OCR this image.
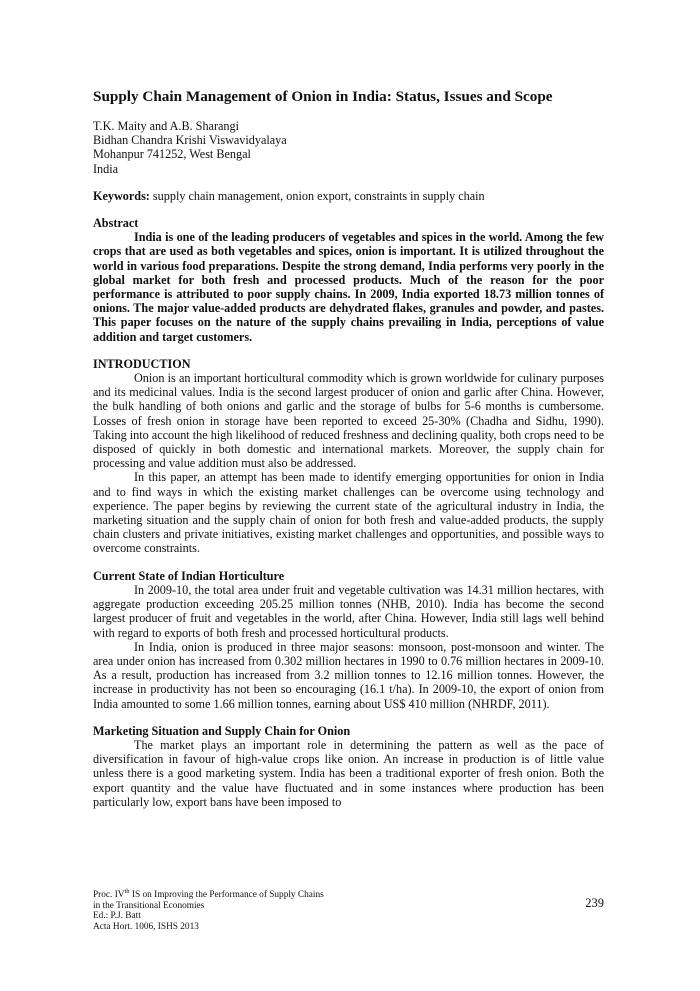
Supply Chain Management of Onion in India: Status, Issues and Scope
T.K. Maity and A.B. Sharangi
Bidhan Chandra Krishi Viswavidyalaya
Mohanpur 741252, West Bengal
India
Keywords: supply chain management, onion export, constraints in supply chain
Abstract

India is one of the leading producers of vegetables and spices in the world. Among the few crops that are used as both vegetables and spices, onion is important. It is utilized throughout the world in various food preparations. Despite the strong demand, India performs very poorly in the global market for both fresh and processed products. Much of the reason for the poor performance is attributed to poor supply chains. In 2009, India exported 18.73 million tonnes of onions. The major value-added products are dehydrated flakes, granules and powder, and pastes. This paper focuses on the nature of the supply chains prevailing in India, perceptions of value addition and target customers.

INTRODUCTION

Onion is an important horticultural commodity which is grown worldwide for culinary purposes and its medicinal values. India is the second largest producer of onion and garlic after China. However, the bulk handling of both onions and garlic and the storage of bulbs for 5-6 months is cumbersome. Losses of fresh onion in storage have been reported to exceed 25-30% (Chadha and Sidhu, 1990). Taking into account the high likelihood of reduced freshness and declining quality, both crops need to be disposed of quickly in both domestic and international markets. Moreover, the supply chain for processing and value addition must also be addressed.

In this paper, an attempt has been made to identify emerging opportunities for onion in India and to find ways in which the existing market challenges can be overcome using technology and experience. The paper begins by reviewing the current state of the agricultural industry in India, the marketing situation and the supply chain of onion for both fresh and value-added products, the supply chain clusters and private initiatives, existing market challenges and opportunities, and possible ways to overcome constraints.

Current State of Indian Horticulture

In 2009-10, the total area under fruit and vegetable cultivation was 14.31 million hectares, with aggregate production exceeding 205.25 million tonnes (NHB, 2010). India has become the second largest producer of fruit and vegetables in the world, after China. However, India still lags well behind with regard to exports of both fresh and processed horticultural products.

In India, onion is produced in three major seasons: monsoon, post-monsoon and winter. The area under onion has increased from 0.302 million hectares in 1990 to 0.76 million hectares in 2009-10. As a result, production has increased from 3.2 million tonnes to 12.16 million tonnes. However, the increase in productivity has not been so encouraging (16.1 t/ha). In 2009-10, the export of onion from India amounted to some 1.66 million tonnes, earning about US$ 410 million (NHRDF, 2011).

Marketing Situation and Supply Chain for Onion

The market plays an important role in determining the pattern as well as the pace of diversification in favour of high-value crops like onion. An increase in production is of little value unless there is a good marketing system. India has been a traditional exporter of fresh onion. Both the export quantity and the value have fluctuated and in some instances where production has been particularly low, export bans have been imposed to

Proc. IVth IS on Improving the Performance of Supply Chains
in the Transitional Economies
Ed.: P.J. Batt
Acta Hort. 1006, ISHS 2013
239
